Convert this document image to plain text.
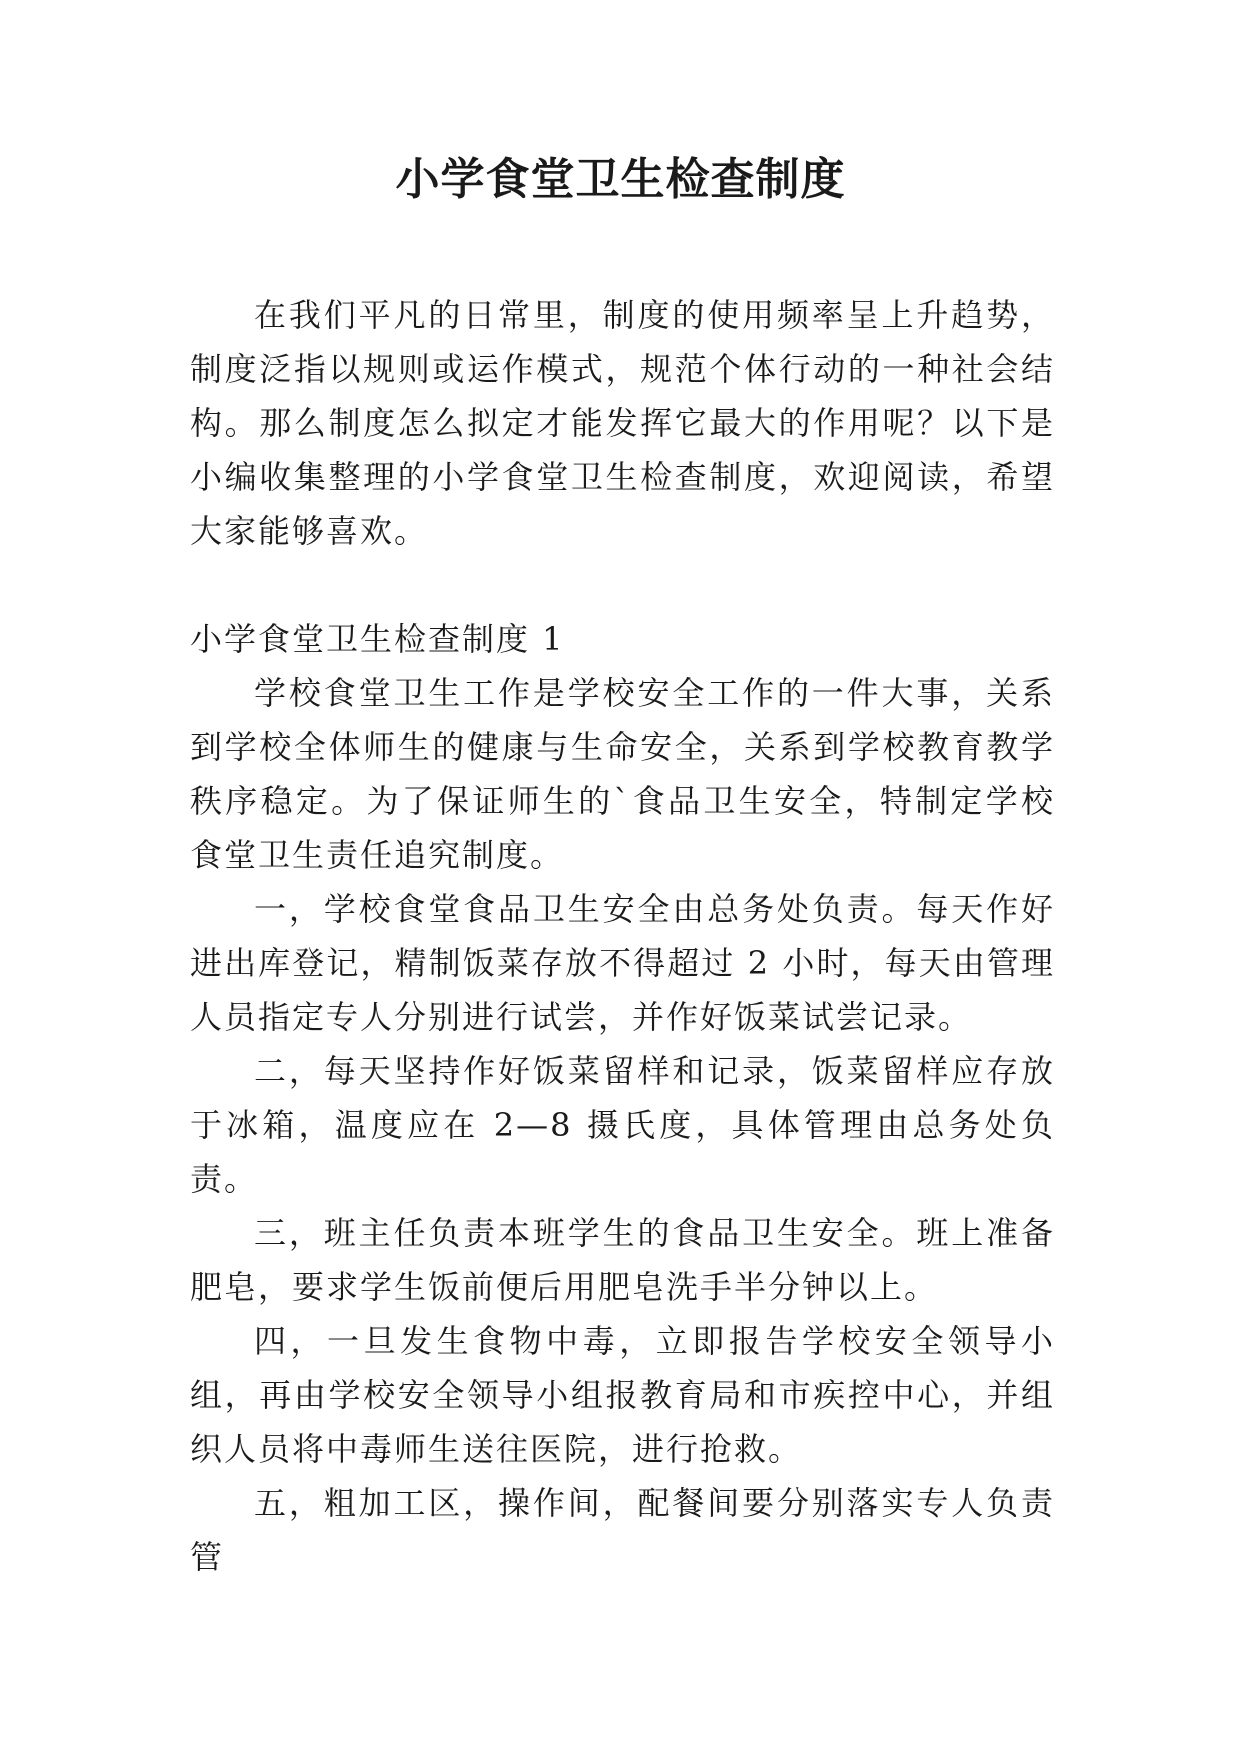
小学食堂卫生检查制度

在我们平凡的日常里，制度的使用频率呈上升趋势，制度泛指以规则或运作模式，规范个体行动的一种社会结构。那么制度怎么拟定才能发挥它最大的作用呢？以下是小编收集整理的小学食堂卫生检查制度，欢迎阅读，希望大家能够喜欢。

小学食堂卫生检查制度 1

学校食堂卫生工作是学校安全工作的一件大事，关系到学校全体师生的健康与生命安全，关系到学校教育教学秩序稳定。为了保证师生的`食品卫生安全，特制定学校食堂卫生责任追究制度。

一，学校食堂食品卫生安全由总务处负责。每天作好进出库登记，精制饭菜存放不得超过 2 小时，每天由管理人员指定专人分别进行试尝，并作好饭菜试尝记录。

二，每天坚持作好饭菜留样和记录，饭菜留样应存放于冰箱，温度应在 2—8 摄氏度，具体管理由总务处负责。

三，班主任负责本班学生的食品卫生安全。班上准备肥皂，要求学生饭前便后用肥皂洗手半分钟以上。

四，一旦发生食物中毒，立即报告学校安全领导小组，再由学校安全领导小组报教育局和市疾控中心，并组织人员将中毒师生送往医院，进行抢救。

五，粗加工区，操作间，配餐间要分别落实专人负责管
